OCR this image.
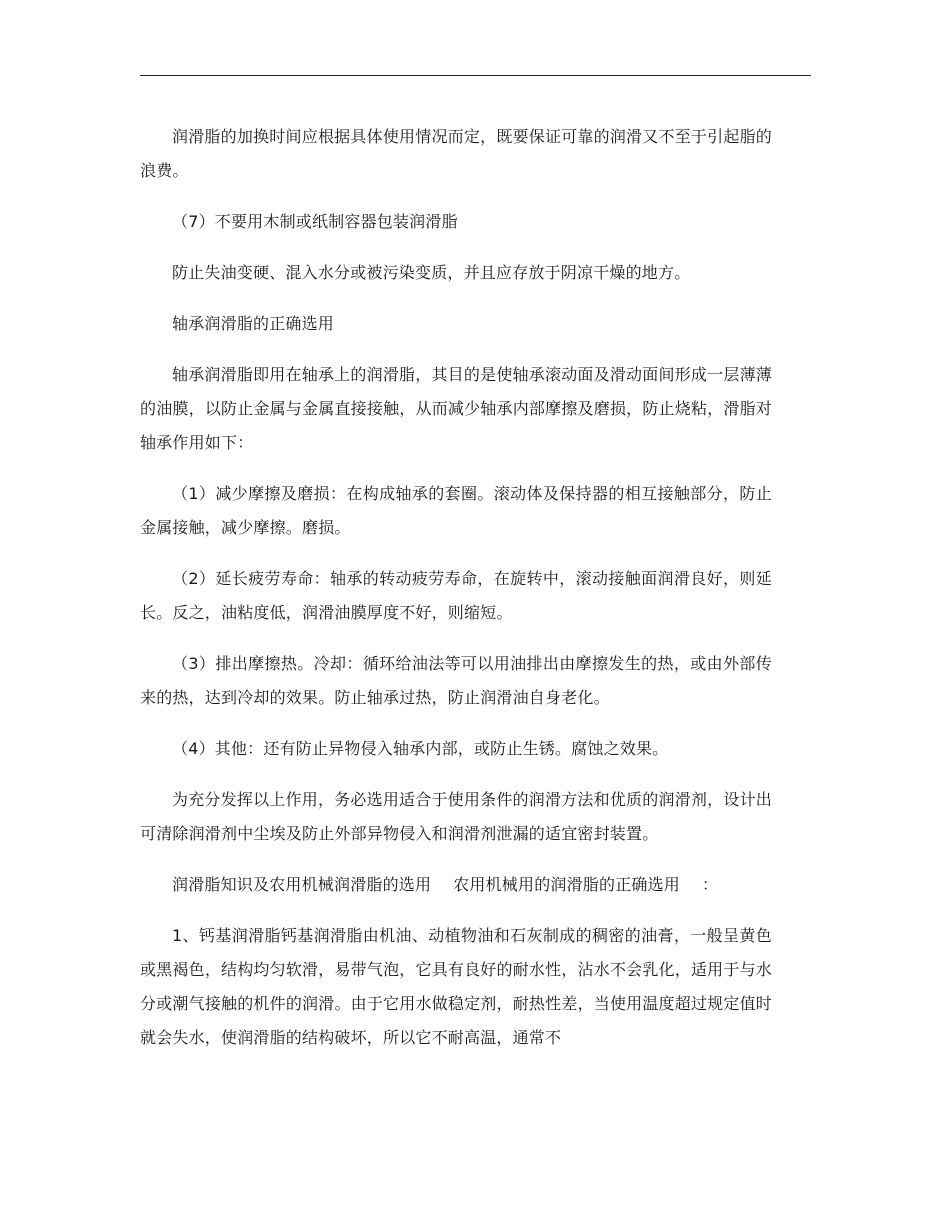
润滑脂的加换时间应根据具体使用情况而定，既要保证可靠的润滑又不至于引起脂的浪费。

（7）不要用木制或纸制容器包装润滑脂

防止失油变硬、混入水分或被污染变质，并且应存放于阴凉干燥的地方。

轴承润滑脂的正确选用

轴承润滑脂即用在轴承上的润滑脂，其目的是使轴承滚动面及滑动面间形成一层薄薄的油膜，以防止金属与金属直接接触，从而减少轴承内部摩擦及磨损，防止烧粘，滑脂对轴承作用如下：

（1）减少摩擦及磨损：在构成轴承的套圈。滚动体及保持器的相互接触部分，防止 金属接触，减少摩擦。磨损。

（2）延长疲劳寿命：轴承的转动疲劳寿命，在旋转中，滚动接触面润滑良好，则延长。反之，油粘度低，润滑油膜厚度不好，则缩短。

（3）排出摩擦热。冷却：循环给油法等可以用油排出由摩擦发生的热，或由外部传来的热，达到冷却的效果。防止轴承过热，防止润滑油自身老化。

（4）其他：还有防止异物侵入轴承内部，或防止生锈。腐蚀之效果。

为充分发挥以上作用，务必选用适合于使用条件的润滑方法和优质的润滑剂，设计出可清除润滑剂中尘埃及防止外部异物侵入和润滑剂泄漏的适宜密封装置。

润滑脂知识及农用机械润滑脂的选用 农用机械用的润滑脂的正确选用 ：

1、钙基润滑脂钙基润滑脂由机油、动植物油和石灰制成的稠密的油膏，一般呈黄色或黑褐色，结构均匀软滑，易带气泡，它具有良好的耐水性，沾水不会乳化，适用于与水分或潮气接触的机件的润滑。由于它用水做稳定剂，耐热性差，当使用温度超过规定值时就会失水，使润滑脂的结构破坏，所以它不耐高温，通常不
